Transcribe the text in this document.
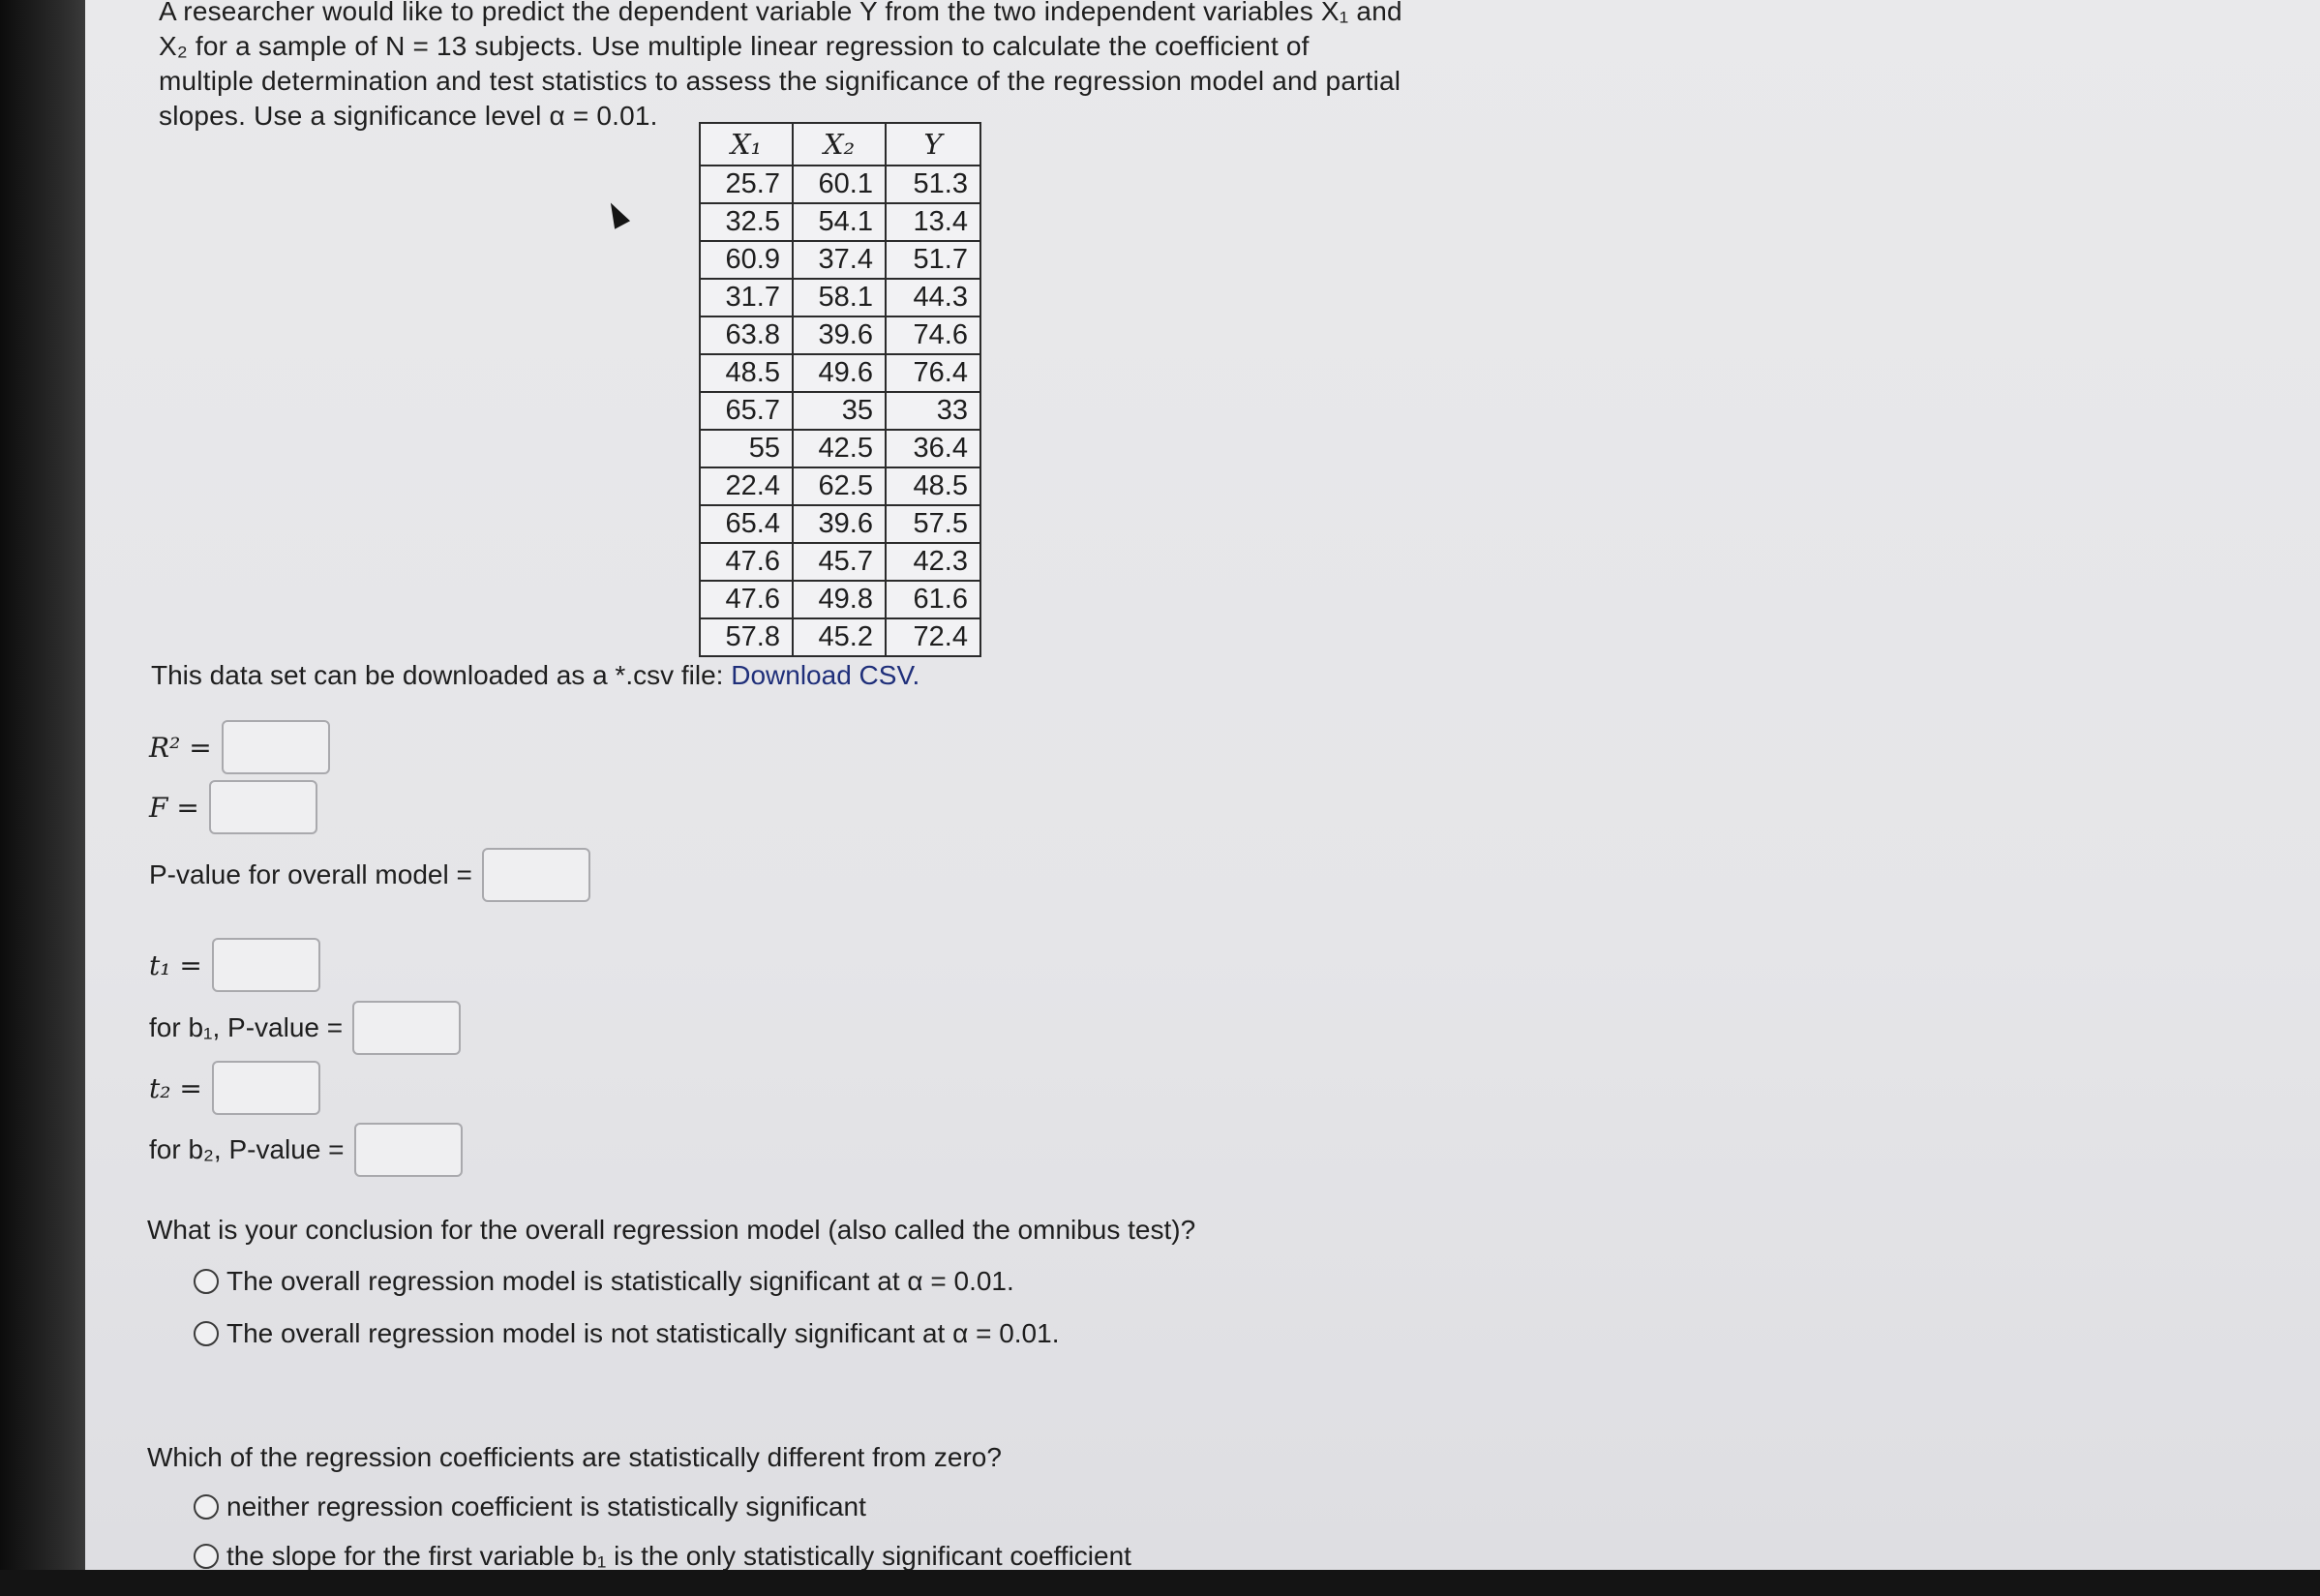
A researcher would like to predict the dependent variable Y from the two independent variables X₁ and

X₂ for a sample of N = 13 subjects. Use multiple linear regression to calculate the coefficient of

multiple determination and test statistics to assess the significance of the regression model and partial

slopes. Use a significance level α = 0.01.

X₁	X₂	Y
25.7	60.1	51.3
32.5	54.1	13.4
60.9	37.4	51.7
31.7	58.1	44.3
63.8	39.6	74.6
48.5	49.6	76.4
65.7	35	33
55	42.5	36.4
22.4	62.5	48.5
65.4	39.6	57.5
47.6	45.7	42.3
47.6	49.8	61.6
57.8	45.2	72.4
This data set can be downloaded as a *.csv file: Download CSV.
R² =
F =
P-value for overall model =
t₁ =
for b₁, P-value =
t₂ =
for b₂, P-value =
What is your conclusion for the overall regression model (also called the omnibus test)?
The overall regression model is statistically significant at α = 0.01.
The overall regression model is not statistically significant at α = 0.01.
Which of the regression coefficients are statistically different from zero?
neither regression coefficient is statistically significant
the slope for the first variable b₁ is the only statistically significant coefficient
